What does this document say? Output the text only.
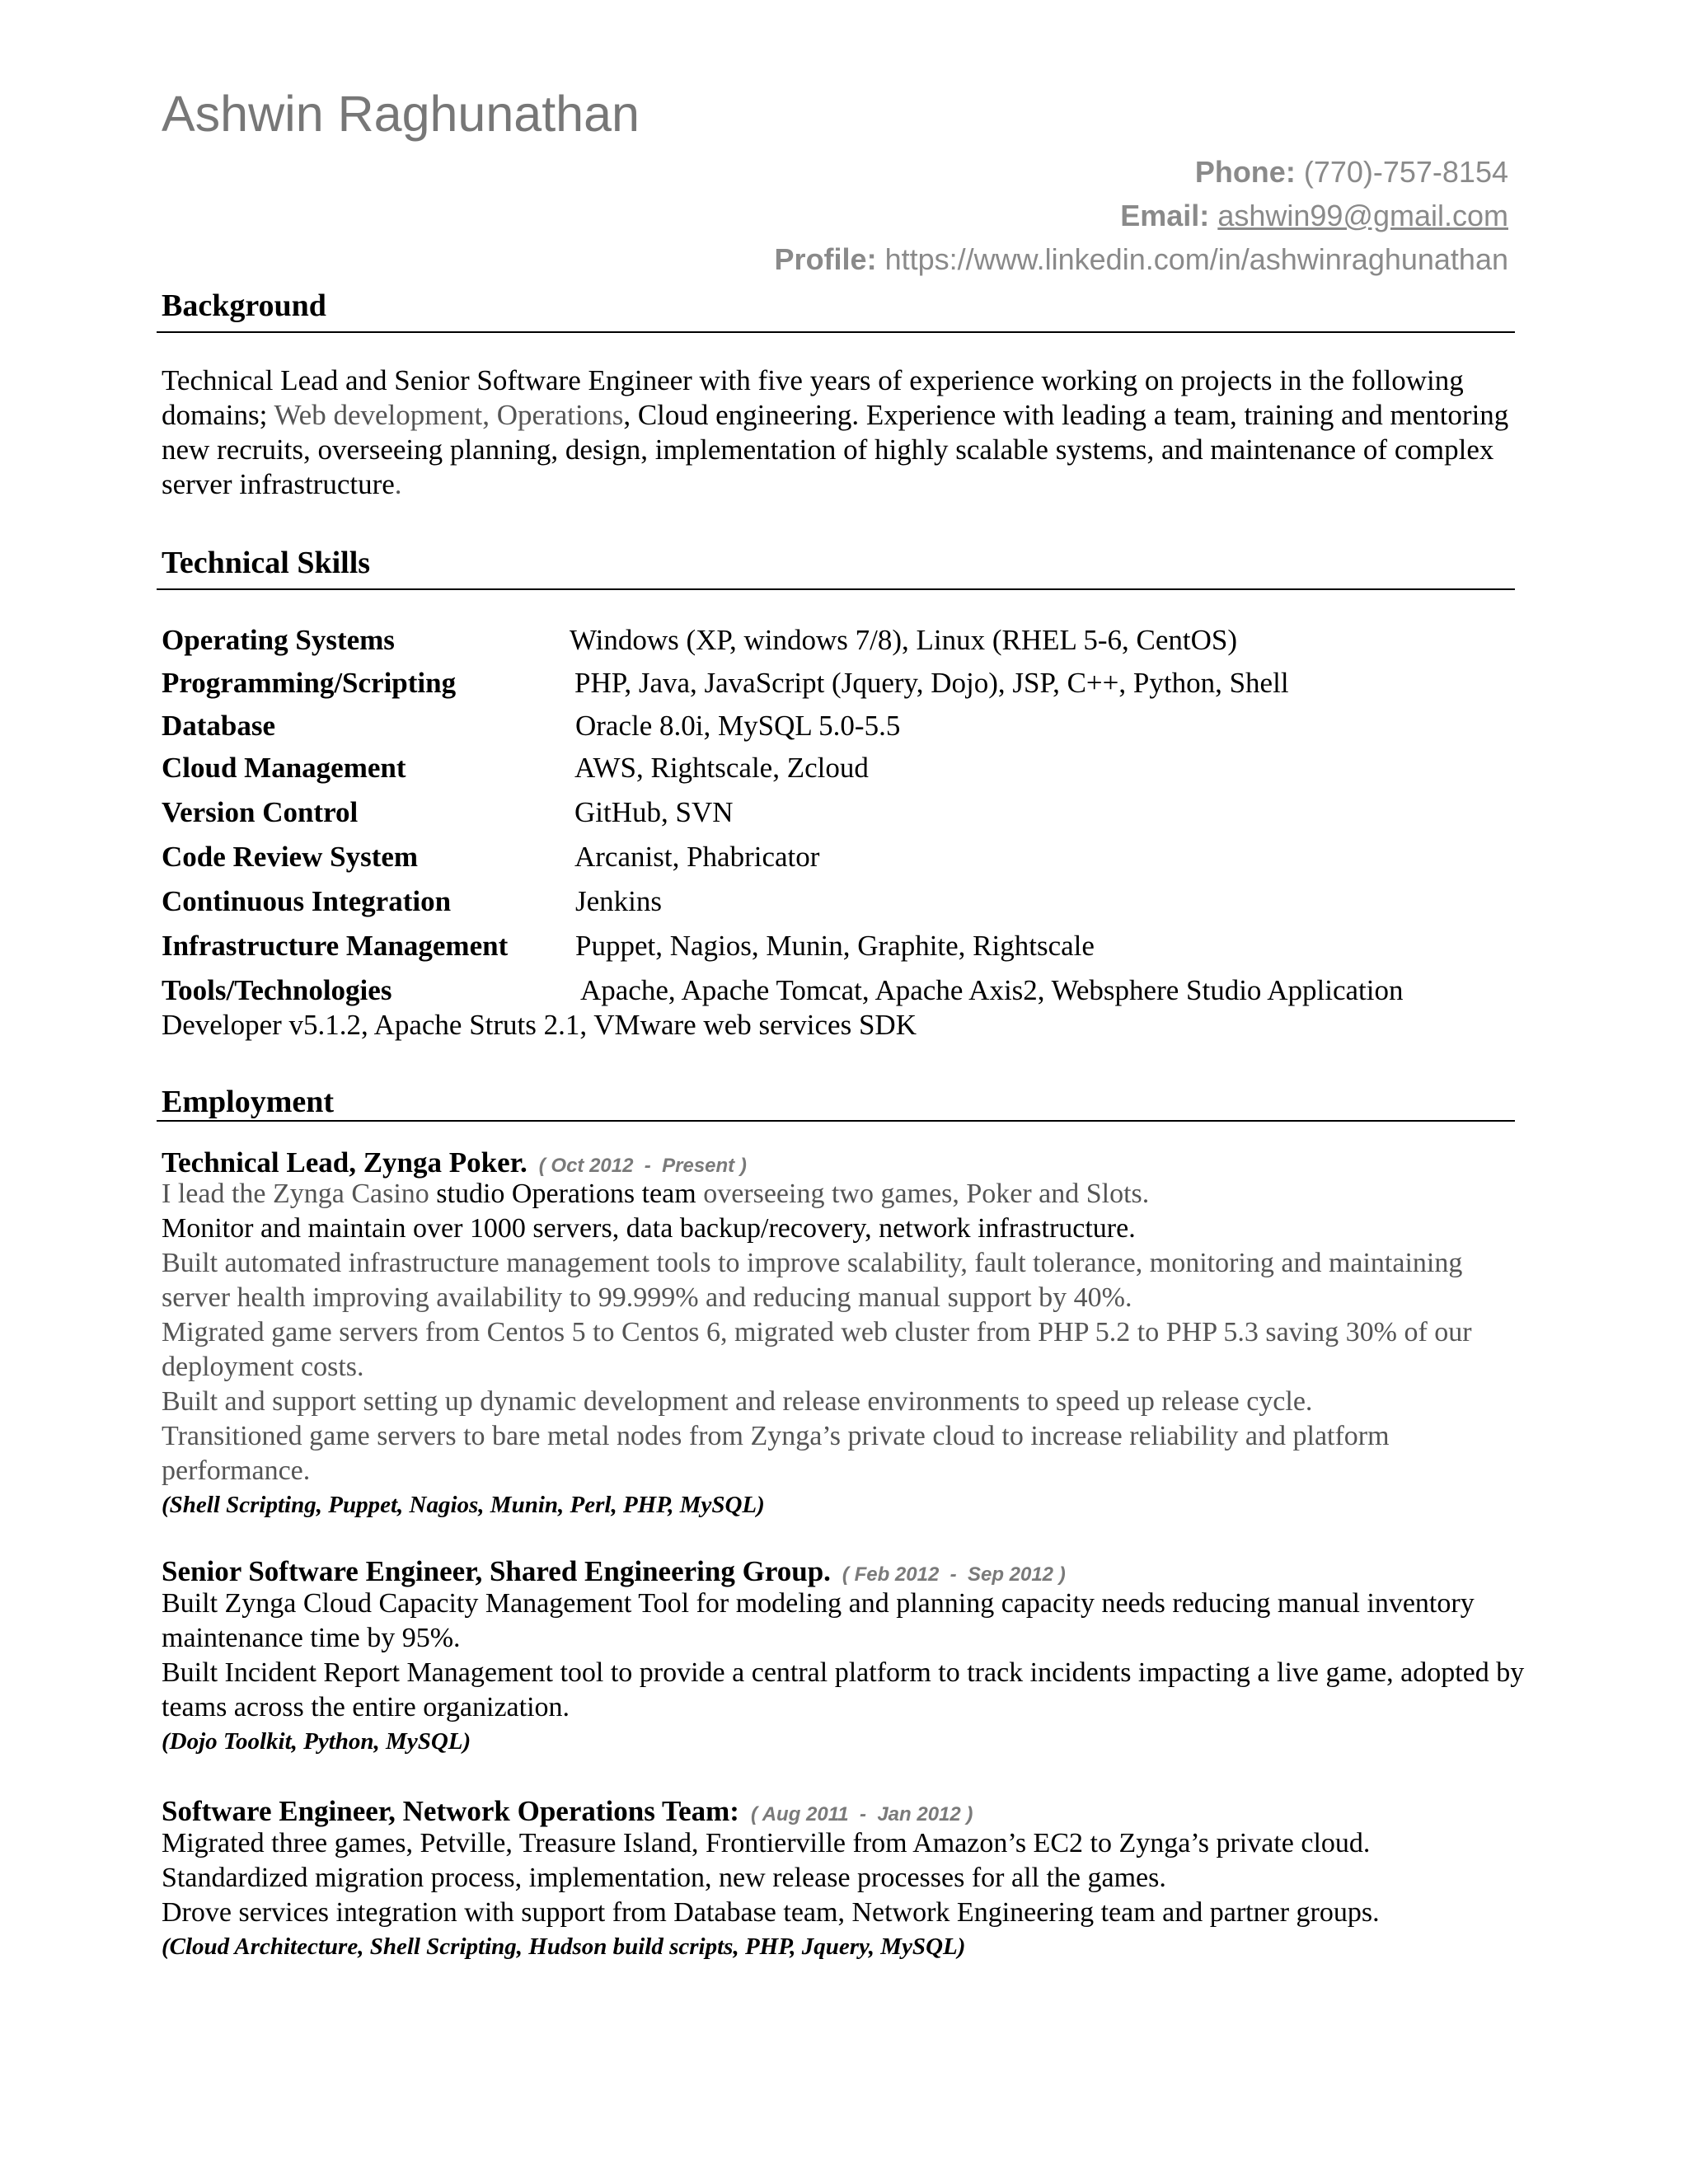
Ashwin Raghunathan
Phone: (770)-757-8154
Email: ashwin99@gmail.com
Profile: https://www.linkedin.com/in/ashwinraghunathan
Background
Technical Lead and Senior Software Engineer with five years of experience working on projects in the following domains; Web development, Operations, Cloud engineering. Experience with leading a team, training and mentoring new recruits, overseeing planning, design, implementation of highly scalable systems, and maintenance of complex server infrastructure.
Technical Skills
Operating Systems	Windows (XP, windows 7/8), Linux (RHEL 5-6, CentOS)
Programming/Scripting	PHP, Java, JavaScript (Jquery, Dojo), JSP, C++, Python, Shell
Database	Oracle 8.0i, MySQL 5.0-5.5
Cloud Management	AWS, Rightscale, Zcloud
Version Control	GitHub, SVN
Code Review System	Arcanist, Phabricator
Continuous Integration	Jenkins
Infrastructure Management Puppet, Nagios, Munin, Graphite, Rightscale
Tools/Technologies	Apache, Apache Tomcat, Apache Axis2, Websphere Studio Application
Developer v5.1.2, Apache Struts 2.1, VMware web services SDK
Employment
Technical Lead, Zynga Poker. ( Oct 2012  -  Present )
I lead the Zynga Casino studio Operations team overseeing two games, Poker and Slots.
Monitor and maintain over 1000 servers, data backup/recovery, network infrastructure.
Built automated infrastructure management tools to improve scalability, fault tolerance, monitoring and maintaining server health improving availability to 99.999% and reducing manual support by 40%.
Migrated game servers from Centos 5 to Centos 6, migrated web cluster from PHP 5.2 to PHP 5.3 saving 30% of our deployment costs.
Built and support setting up dynamic development and release environments to speed up release cycle.
Transitioned game servers to bare metal nodes from Zynga’s private cloud to increase reliability and platform performance.
(Shell Scripting, Puppet, Nagios, Munin, Perl, PHP, MySQL)
Senior Software Engineer, Shared Engineering Group. ( Feb 2012  -  Sep 2012 )
Built Zynga Cloud Capacity Management Tool for modeling and planning capacity needs reducing manual inventory maintenance time by 95%.
Built Incident Report Management tool to provide a central platform to track incidents impacting a live game, adopted by teams across the entire organization.
(Dojo Toolkit, Python, MySQL)
Software Engineer, Network Operations Team: ( Aug 2011  -  Jan 2012 )
Migrated three games, Petville, Treasure Island, Frontierville from Amazon’s EC2 to Zynga’s private cloud.
Standardized migration process, implementation, new release processes for all the games.
Drove services integration with support from Database team, Network Engineering team and partner groups.
(Cloud Architecture, Shell Scripting, Hudson build scripts, PHP, Jquery, MySQL)
